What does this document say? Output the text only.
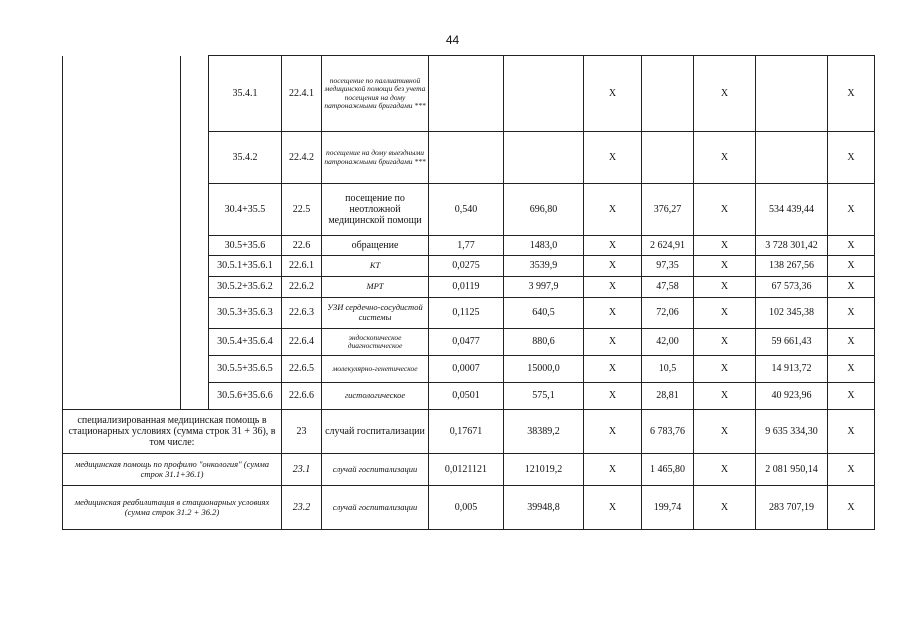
44
		35.4.1	22.4.1	посещение по паллиативной медицинской помощи без учета посещения на дому патронажными бригадами ***			X		X		X
		35.4.2	22.4.2	посещение на дому выездными патронажными бригадами ***			X		X		X
		30.4+35.5	22.5	посещение по неотложной медицинской помощи	0,540	696,80	X	376,27	X	534 439,44	X
		30.5+35.6	22.6	обращение	1,77	1483,0	X	2 624,91	X	3 728 301,42	X
		30.5.1+35.6.1	22.6.1	КТ	0,0275	3539,9	X	97,35	X	138 267,56	X
		30.5.2+35.6.2	22.6.2	МРТ	0,0119	3 997,9	X	47,58	X	67 573,36	X
		30.5.3+35.6.3	22.6.3	УЗИ сердечно-сосудистой системы	0,1125	640,5	X	72,06	X	102 345,38	X
		30.5.4+35.6.4	22.6.4	эндоскопическое диагностическое	0,0477	880,6	X	42,00	X	59 661,43	X
		30.5.5+35.6.5	22.6.5	молекулярно-генетическое	0,0007	15000,0	X	10,5	X	14 913,72	X
		30.5.6+35.6.6	22.6.6	гистологическое	0,0501	575,1	X	28,81	X	40 923,96	X
специализированная медицинская помощь в стационарных условиях (сумма строк 31 + 36), в том числе:			23	случай госпитализации	0,17671	38389,2	X	6 783,76	X	9 635 334,30	X
медицинская помощь по профилю "онкология" (сумма строк 31.1+36.1)			23.1	случай госпитализации	0,0121121	121019,2	X	1 465,80	X	2 081 950,14	X
медицинская реабилитация в стационарных условиях (сумма строк 31.2 + 36.2)			23.2	случай госпитализации	0,005	39948,8	X	199,74	X	283 707,19	X
